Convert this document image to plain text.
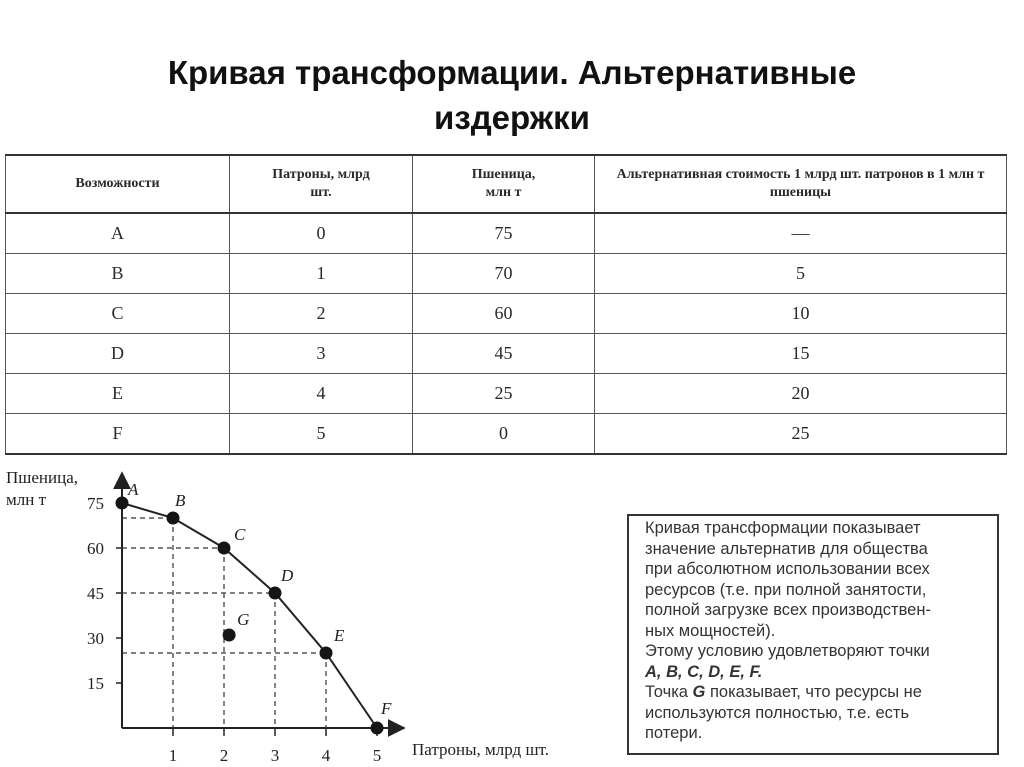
Кривая трансформации. Альтернативные
издержки
Возможности	Патроны, млрд шт.	Пшеница, млн т	Альтернативная стоимость 1 млрд шт. патронов в 1 млн т пшеницы
A	0	75	—
B	1	70	5
C	2	60	10
D	3	45	15
E	4	25	20
F	5	0	25
Пшеница,
млн т
Патроны, млрд шт.
1	2	3	4	5
75
60
45
30
15
A
B
C
D
E
F
G
Кривая трансформации показывает
значение альтернатив для общества
при абсолютном использовании всех
ресурсов (т.е. при полной занятости,
полной загрузке всех производствен-
ных мощностей).
Этому условию удовлетворяют точки
A, B, C, D, E, F.
Точка G показывает, что ресурсы не
используются полностью, т.е. есть
потери.
